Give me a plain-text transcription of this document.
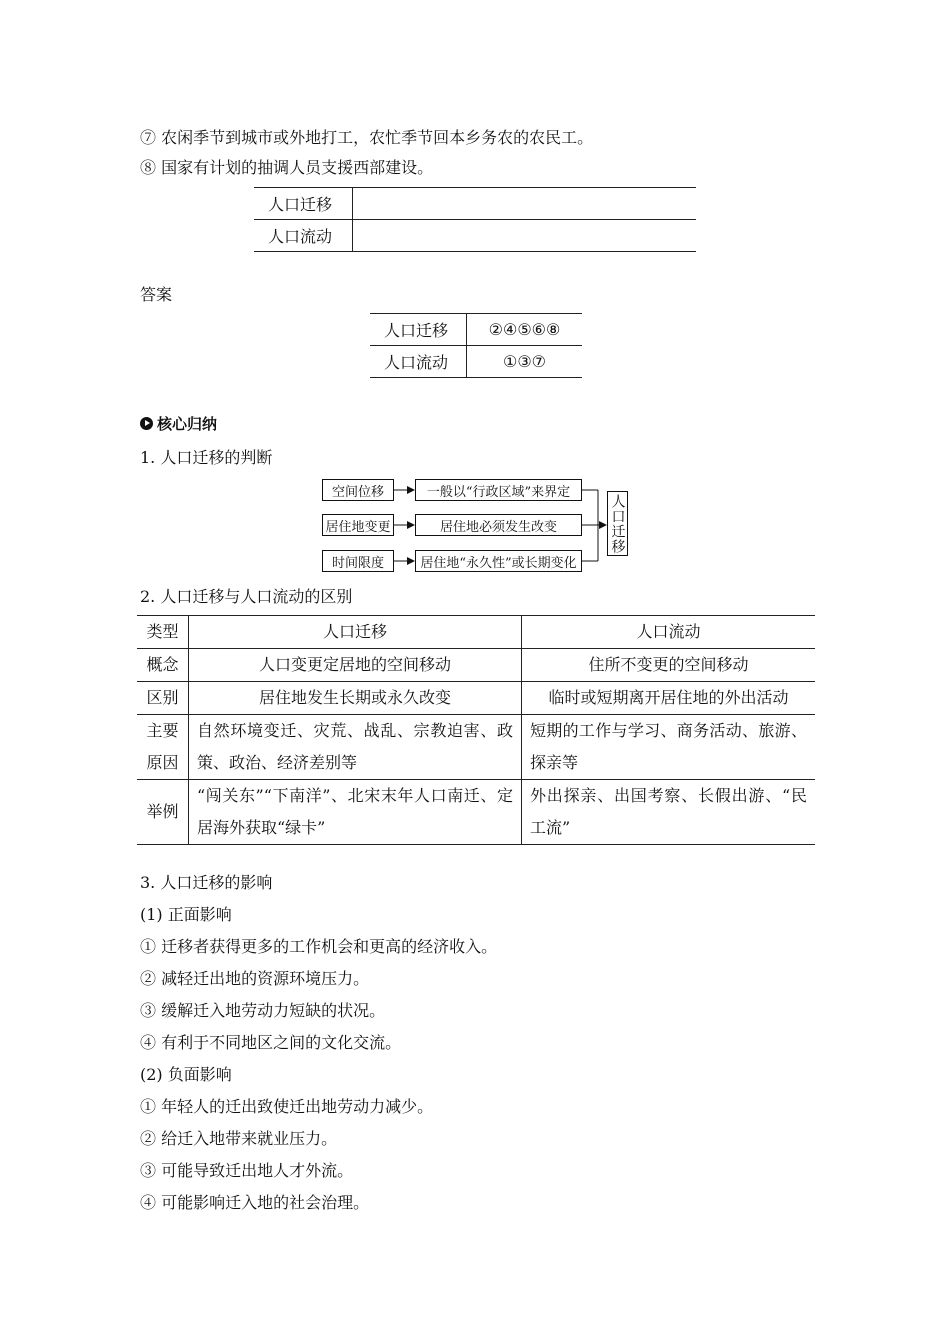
⑦ 农闲季节到城市或外地打工，农忙季节回本乡务农的农民工。
⑧ 国家有计划的抽调人员支援西部建设。
人口迁移	
人口流动	
答案
人口迁移	②④⑤⑥⑧
人口流动	①③⑦
核心归纳
1. 人口迁移的判断
空间位移
居住地变更
时间限度
一般以“行政区域”来界定
居住地必须发生改变
居住地“永久性”或长期变化
人口迁移
2. 人口迁移与人口流动的区别
类型	人口迁移	人口流动
概念	人口变更定居地的空间移动	住所不变更的空间移动
区别	居住地发生长期或永久改变	临时或短期离开居住地的外出活动
主要原因	自然环境变迁、灾荒、战乱、宗教迫害、政策、政治、经济差别等	短期的工作与学习、商务活动、旅游、探亲等
举例	“闯关东”“下南洋”、北宋末年人口南迁、定居海外获取“绿卡”	外出探亲、出国考察、长假出游、“民工流”
3. 人口迁移的影响
(1) 正面影响
① 迁移者获得更多的工作机会和更高的经济收入。
② 减轻迁出地的资源环境压力。
③ 缓解迁入地劳动力短缺的状况。
④ 有利于不同地区之间的文化交流。
(2) 负面影响
① 年轻人的迁出致使迁出地劳动力减少。
② 给迁入地带来就业压力。
③ 可能导致迁出地人才外流。
④ 可能影响迁入地的社会治理。
